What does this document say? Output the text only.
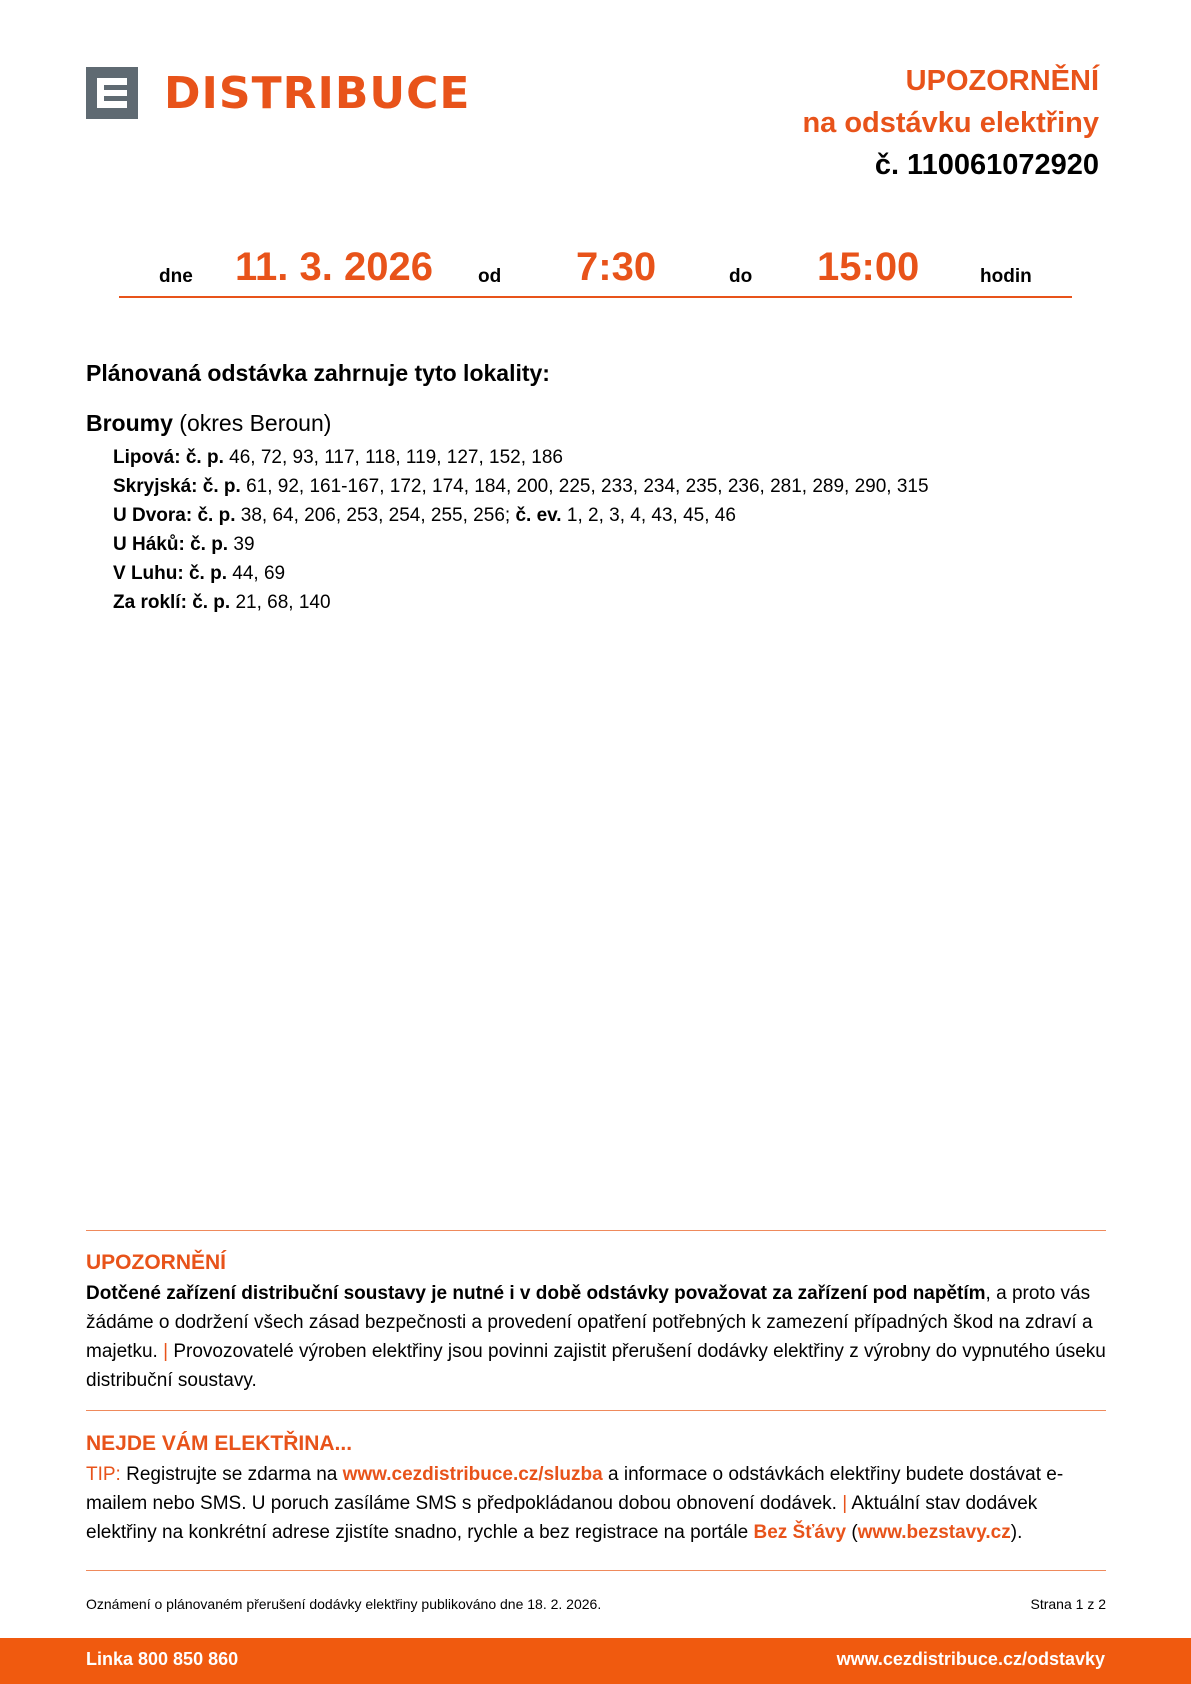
DISTRIBUCE	UPOZORNĚNÍ
na odstávku elektřiny
č. 110061072920
dne 11. 3. 2026 od 7:30	do 15:00	hodin
Plánovaná odstávka zahrnuje tyto lokality:
Broumy (okres Beroun)
Lipová: č. p. 46, 72, 93, 117, 118, 119, 127, 152, 186
Skryjská: č. p. 61, 92, 161-167, 172, 174, 184, 200, 225, 233, 234, 235, 236, 281, 289, 290, 315
U Dvora: č. p. 38, 64, 206, 253, 254, 255, 256; č. ev. 1, 2, 3, 4, 43, 45, 46
U Háků: č. p. 39
V Luhu: č. p. 44, 69
Za roklí: č. p. 21, 68, 140
UPOZORNĚNÍ
Dotčené zařízení distribuční soustavy je nutné i v době odstávky považovat za zařízení pod napětím, a proto vás žádáme o dodržení všech zásad bezpečnosti a provedení opatření potřebných k zamezení případných škod na zdraví a majetku. | Provozovatelé výroben elektřiny jsou povinni zajistit přerušení dodávky elektřiny z výrobny do vypnutého úseku distribuční soustavy.
NEJDE VÁM ELEKTŘINA...
TIP: Registrujte se zdarma na www.cezdistribuce.cz/sluzba a informace o odstávkách elektřiny budete dostávat e-mailem nebo SMS. U poruch zasíláme SMS s předpokládanou dobou obnovení dodávek. | Aktuální stav dodávek elektřiny na konkrétní adrese zjistíte snadno, rychle a bez registrace na portále Bez Šťávy (www.bezstavy.cz).
Oznámení o plánovaném přerušení dodávky elektřiny publikováno dne 18. 2. 2026.	Strana 1 z 2
Linka 800 850 860	www.cezdistribuce.cz/odstavky
